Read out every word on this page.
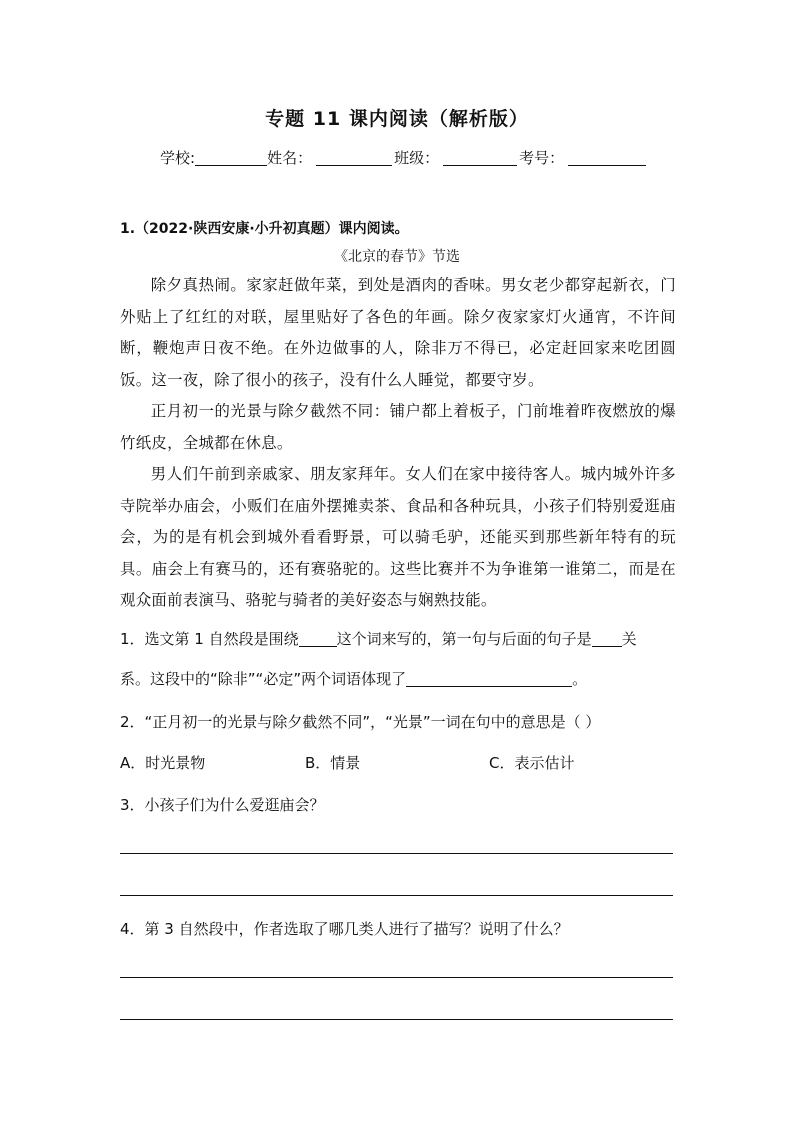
专题 11 课内阅读（解析版）
学校:	姓名：	班级：	考号：
1.（2022·陕西安康·小升初真题）课内阅读。
《北京的春节》节选

除夕真热闹。家家赶做年菜，到处是酒肉的香味。男女老少都穿起新衣，门外贴上了红红的对联，屋里贴好了各色的年画。除夕夜家家灯火通宵，不许间断，鞭炮声日夜不绝。在外边做事的人，除非万不得已，必定赶回家来吃团圆饭。这一夜，除了很小的孩子，没有什么人睡觉，都要守岁。

正月初一的光景与除夕截然不同：铺户都上着板子，门前堆着昨夜燃放的爆竹纸皮，全城都在休息。

男人们午前到亲戚家、朋友家拜年。女人们在家中接待客人。城内城外许多寺院举办庙会，小贩们在庙外摆摊卖茶、食品和各种玩具，小孩子们特别爱逛庙会，为的是有机会到城外看看野景，可以骑毛驴，还能买到那些新年特有的玩具。庙会上有赛马的，还有赛骆驼的。这些比赛并不为争谁第一谁第二，而是在观众面前表演马、骆驼与骑者的美好姿态与娴熟技能。

1．选文第 1 自然段是围绕	这个词来写的，第一句与后面的句子是 关
系。这段中的“除非”“必定”两个词语体现了	。
2．“正月初一的光景与除夕截然不同”，“光景”一词在句中的意思是（ ）
A．时光景物	B．情景	C．表示估计
3．小孩子们为什么爱逛庙会？
4．第 3 自然段中，作者选取了哪几类人进行了描写？说明了什么？
